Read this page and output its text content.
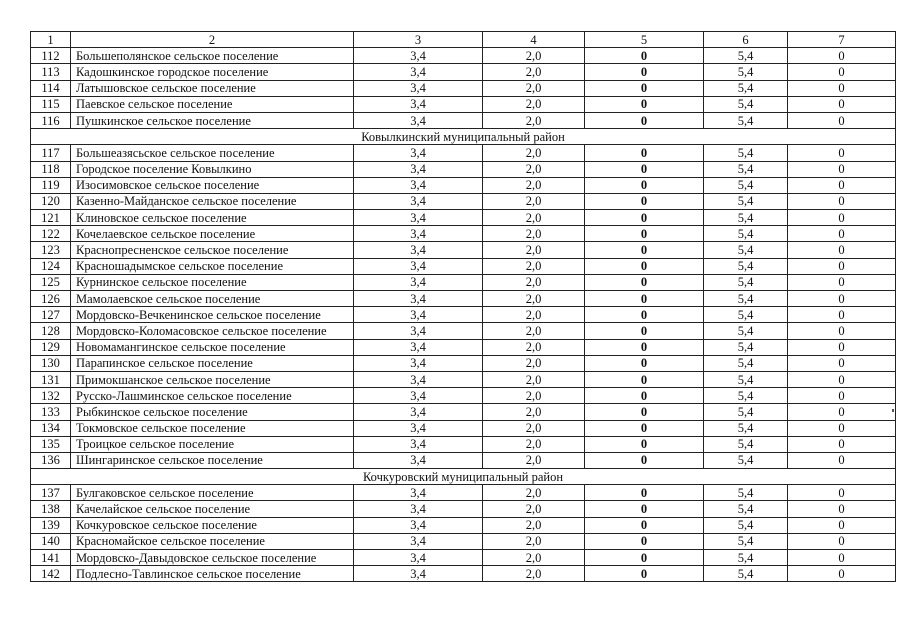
1	2	3	4	5	6	7
112	Большеполянское сельское поселение	3,4	2,0	0	5,4	0
113	Кадошкинское городское поселение	3,4	2,0	0	5,4	0
114	Латышовское сельское поселение	3,4	2,0	0	5,4	0
115	Паевское сельское поселение	3,4	2,0	0	5,4	0
116	Пушкинское сельское поселение	3,4	2,0	0	5,4	0
Ковылкинский муниципальный район						
117	Большеазясьское сельское поселение	3,4	2,0	0	5,4	0
118	Городское поселение Ковылкино	3,4	2,0	0	5,4	0
119	Изосимовское сельское поселение	3,4	2,0	0	5,4	0
120	Казенно-Майданское сельское поселение	3,4	2,0	0	5,4	0
121	Клиновское сельское поселение	3,4	2,0	0	5,4	0
122	Кочелаевское сельское поселение	3,4	2,0	0	5,4	0
123	Краснопресненское сельское поселение	3,4	2,0	0	5,4	0
124	Красношадымское сельское поселение	3,4	2,0	0	5,4	0
125	Курнинское сельское поселение	3,4	2,0	0	5,4	0
126	Мамолаевское сельское поселение	3,4	2,0	0	5,4	0
127	Мордовско-Вечкенинское сельское поселение	3,4	2,0	0	5,4	0
128	Мордовско-Коломасовское сельское поселение	3,4	2,0	0	5,4	0
129	Новомамангинское сельское поселение	3,4	2,0	0	5,4	0
130	Парапинское сельское поселение	3,4	2,0	0	5,4	0
131	Примокшанское сельское поселение	3,4	2,0	0	5,4	0
132	Русско-Лашминское сельское поселение	3,4	2,0	0	5,4	0
133	Рыбкинское сельское поселение	3,4	2,0	0	5,4	0
134	Токмовское сельское поселение	3,4	2,0	0	5,4	0
135	Троицкое сельское поселение	3,4	2,0	0	5,4	0
136	Шингаринское сельское поселение	3,4	2,0	0	5,4	0
Кочкуровский муниципальный район						
137	Булгаковское сельское поселение	3,4	2,0	0	5,4	0
138	Качелайское сельское поселение	3,4	2,0	0	5,4	0
139	Кочкуровское сельское поселение	3,4	2,0	0	5,4	0
140	Красномайское сельское поселение	3,4	2,0	0	5,4	0
141	Мордовско-Давыдовское сельское поселение	3,4	2,0	0	5,4	0
142	Подлесно-Тавлинское сельское поселение	3,4	2,0	0	5,4	0
